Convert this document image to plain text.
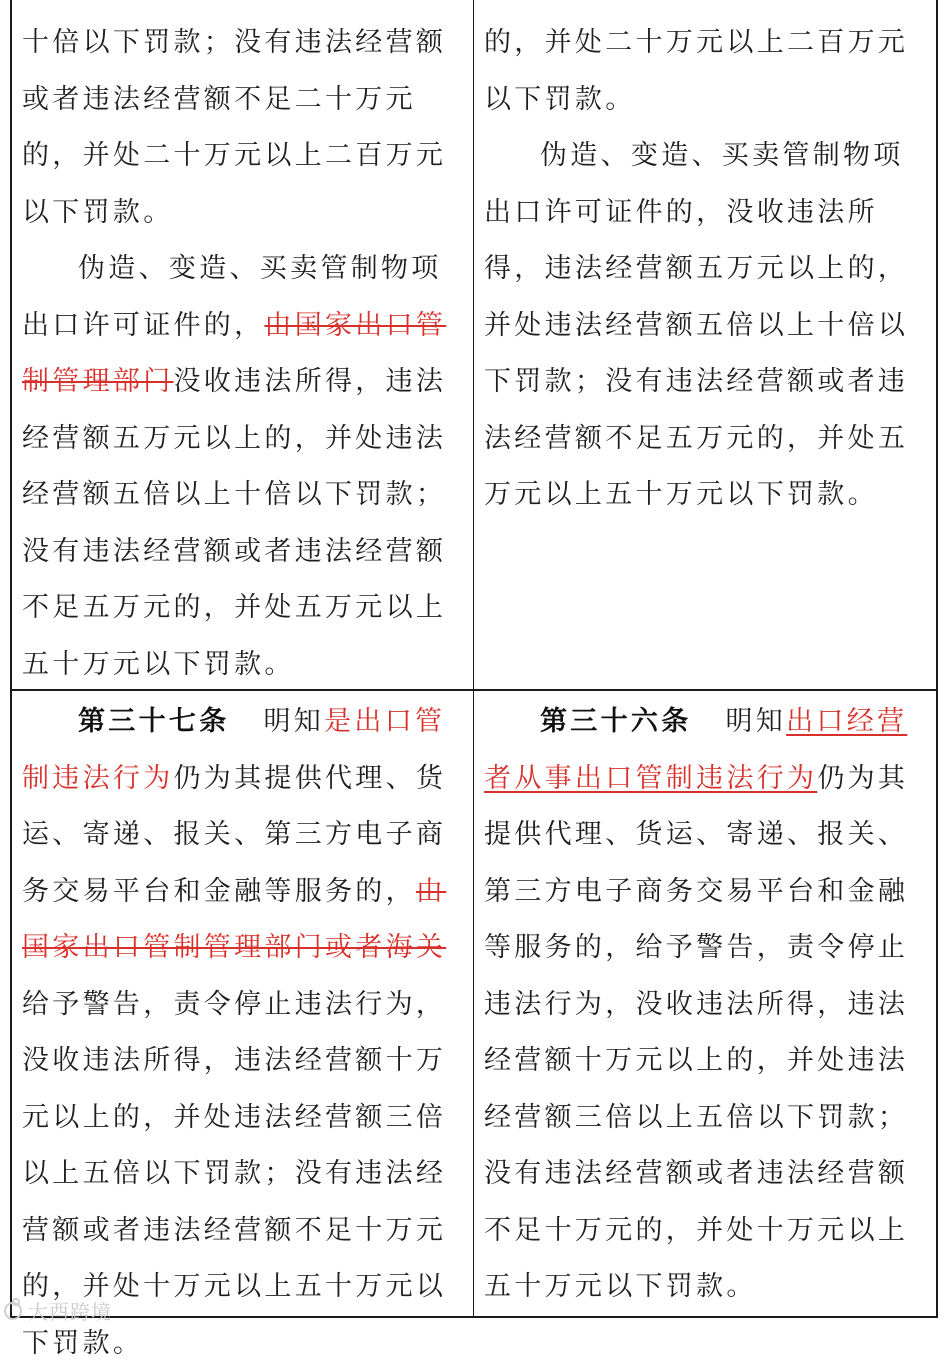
十倍以下罚款；没有违法经营额或者违法经营额不足二十万元的，并处二十万元以上二百万元以下罚款。

伪造、变造、买卖管制物项出口许可证件的，由国家出口管制管理部门没收违法所得，违法经营额五万元以上的，并处违法经营额五倍以上十倍以下罚款；没有违法经营额或者违法经营额不足五万元的，并处五万元以上五十万元以下罚款。

的，并处二十万元以上二百万元以下罚款。

伪造、变造、买卖管制物项出口许可证件的，没收违法所得，违法经营额五万元以上的，并处违法经营额五倍以上十倍以下罚款；没有违法经营额或者违法经营额不足五万元的，并处五万元以上五十万元以下罚款。

第三十七条 明知是出口管制违法行为仍为其提供代理、货运、寄递、报关、第三方电子商务交易平台和金融等服务的，由国家出口管制管理部门或者海关给予警告，责令停止违法行为，没收违法所得，违法经营额十万元以上的，并处违法经营额三倍以上五倍以下罚款；没有违法经营额或者违法经营额不足十万元的，并处十万元以上五十万元以下罚款。

第三十六条 明知出口经营者从事出口管制违法行为仍为其提供代理、货运、寄递、报关、第三方电子商务交易平台和金融等服务的，给予警告，责令停止违法行为，没收违法所得，违法经营额十万元以上的，并处违法经营额三倍以上五倍以下罚款；没有违法经营额或者违法经营额不足十万元的，并处十万元以上五十万元以下罚款。

大酉跨境
